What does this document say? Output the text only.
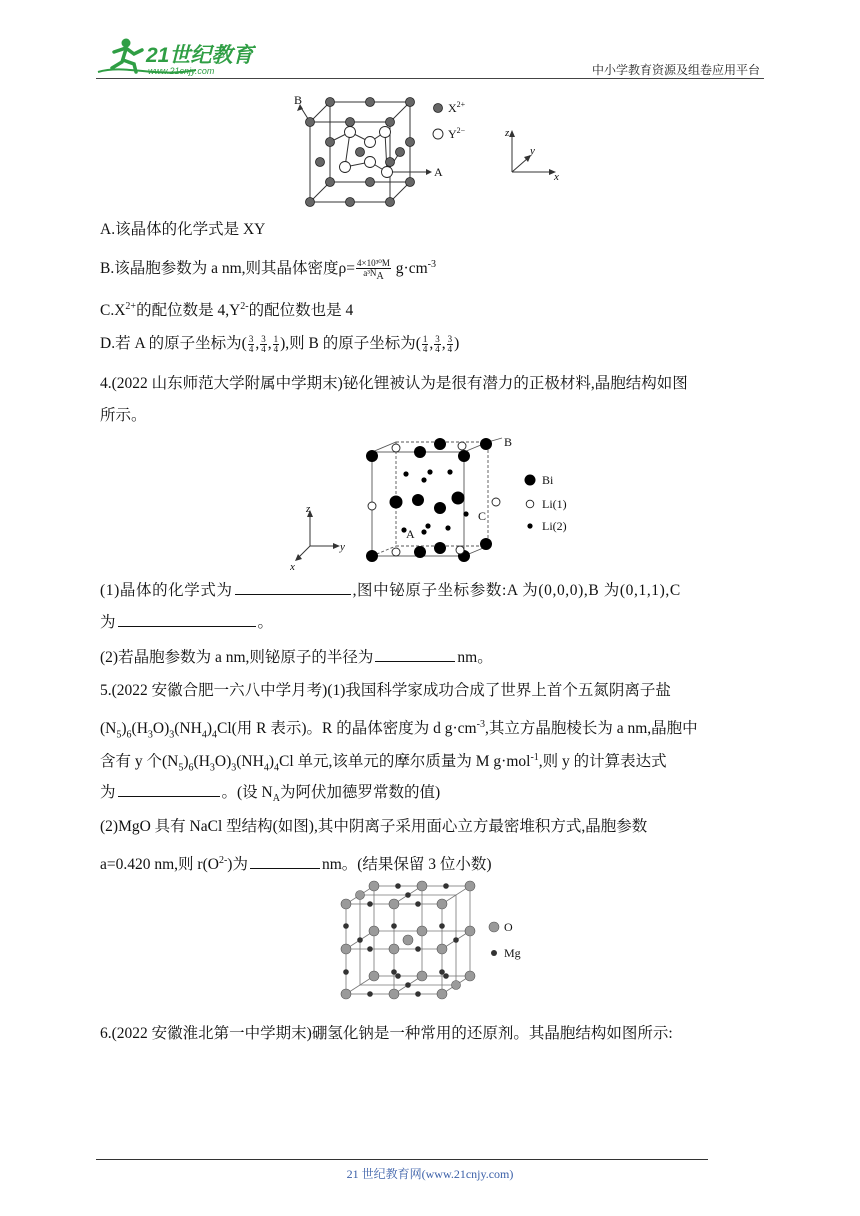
21世纪教育
www.21cnjy.com	中小学教育资源及组卷应用平台
B
A
$X^{2+}$
$Y^{2-}$	z
y
x
A.该晶体的化学式是 XY
B.该晶胞参数为 a nm,则其晶体密度$\rho= \frac{\text{4×10³⁰M}}{a^3N_A} g\cdot cm^{-3}$
$C.X^{2+}$的配位数是 $4,Y^{2-}$的配位数也是 4
D.若 A 的原子坐标为( $\frac{3}{4}$ , $\frac{3}{4}$ , $\frac{1}{4}$ ),则 B 的原子坐标为( $\frac{1}{4}$ , $\frac{3}{4}$ , $\frac{3}{4}$ )
4.(2022 山东师范大学附属中学期末)铋化锂被认为是很有潜力的正极材料,晶胞结构如图
所示。
B
C
A
Bi
Li(1)
Li(2)
z
y
x
(1)晶体的化学式为	,图中铋原子坐标参数:A 为(0,0,0),B 为(0,1,1),C
为	。
(2)若晶胞参数为 a nm,则铋原子的半径为	nm。
5.(2022 安徽合肥一六八中学月考)(1)我国科学家成功合成了世界上首个五氮阴离子盐
$(N_5)_6(H_3O)_3(NH_4)_4Cl$(用 R 表示)。R 的晶体密度为 d $g\cdot cm^{-3}$,其立方晶胞棱长为 a nm,晶胞中
含有 y 个$(N_5)_6(H_3O)_3(NH_4)_4Cl$ 单元,该单元的摩尔质量为 M g·mol$^{-1}$,则 y 的计算表达式
为	。(设 $N_A$为阿伏加德罗常数的值)
(2)MgO 具有 NaCl 型结构(如图),其中阴离子采用面心立方最密堆积方式,晶胞参数
a=0.420 nm,则 $r(O^{2-})$为	nm。(结果保留 3 位小数)
O
Mg
6.(2022 安徽淮北第一中学期末)硼氢化钠是一种常用的还原剂。其晶胞结构如图所示:
21 世纪教育网(www.21cnjy.com)
